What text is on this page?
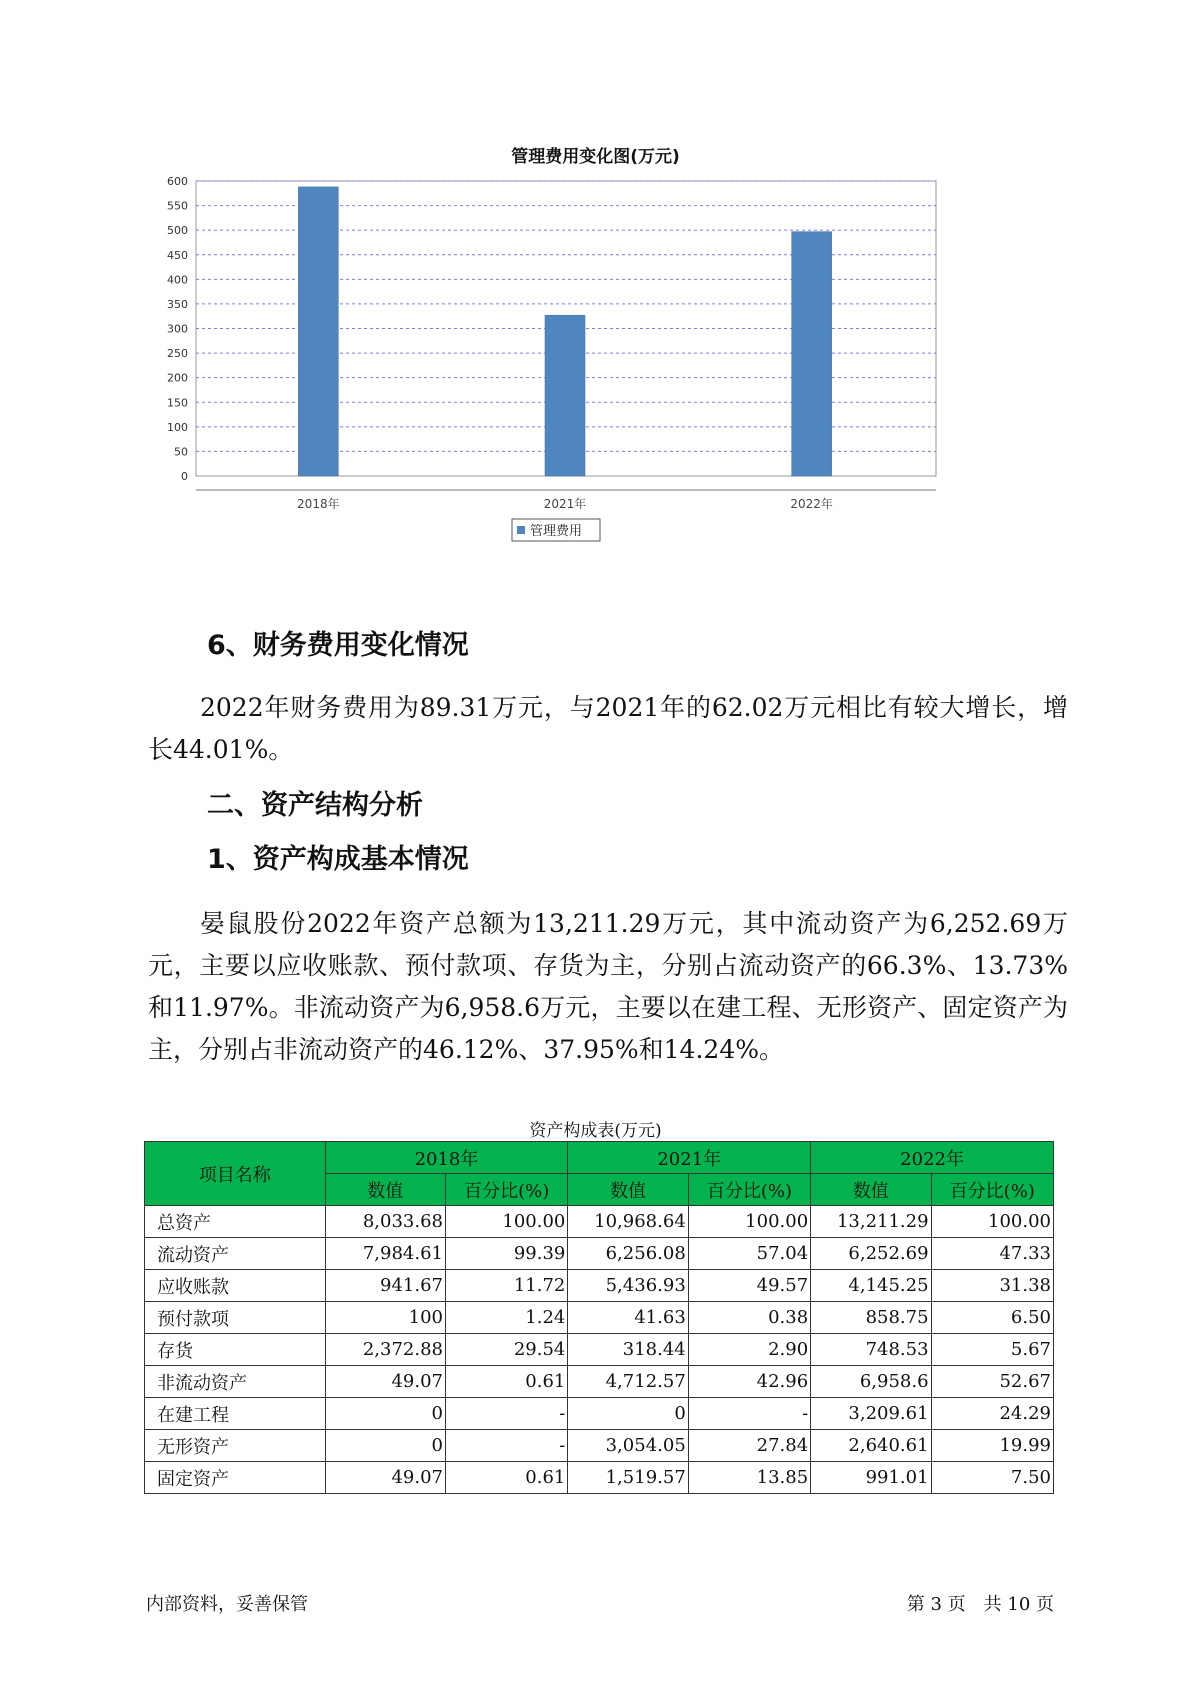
管理费用变化图(万元)
0
50
100
150
200
250
300
350
400
450
500
550
600
2018年	2021年	2022年
管理费用
6、财务费用变化情况

2022年财务费用为89.31万元，与2021年的62.02万元相比有较大增长，增长44.01%。

二、资产结构分析
1、资产构成基本情况

晏鼠股份2022年资产总额为13,211.29万元，其中流动资产为6,252.69万元，主要以应收账款、预付款项、存货为主，分别占流动资产的66.3%、13.73%和11.97%。非流动资产为6,958.6万元，主要以在建工程、无形资产、固定资产为主，分别占非流动资产的46.12%、37.95%和14.24%。

资产构成表(万元)
项目名称	2018年		2021年		2022年	
	数值	百分比(%)	数值	百分比(%)	数值	百分比(%)
总资产	8,033.68	100.00	10,968.64	100.00	13,211.29	100.00
流动资产	7,984.61	99.39	6,256.08	57.04	6,252.69	47.33
应收账款	941.67	11.72	5,436.93	49.57	4,145.25	31.38
预付款项	100	1.24	41.63	0.38	858.75	6.50
存货	2,372.88	29.54	318.44	2.90	748.53	5.67
非流动资产	49.07	0.61	4,712.57	42.96	6,958.6	52.67
在建工程	0	-	0	-	3,209.61	24.29
无形资产	0	-	3,054.05	27.84	2,640.61	19.99
固定资产	49.07	0.61	1,519.57	13.85	991.01	7.50
内部资料，妥善保管	第 3 页　共 10 页
